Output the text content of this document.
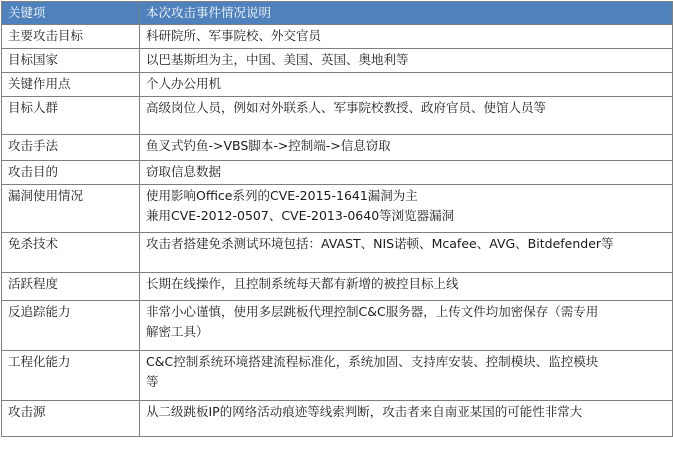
关键项	本次攻击事件情况说明
主要攻击目标	科研院所、军事院校、外交官员

目标国家	以巴基斯坦为主，中国、美国、英国、奥地利等

关键作用点	个人办公用机

目标人群	高级岗位人员，例如对外联系人、军事院校教授、政府官员、使馆人员等

攻击手法	鱼叉式钓鱼->VBS脚本->控制端->信息窃取

攻击目的	窃取信息数据

漏洞使用情况	使用影响Office系列的CVE-2015-1641漏洞为主
兼用CVE-2012-0507、CVE-2013-0640等浏览器漏洞

免杀技术	攻击者搭建免杀测试环境包括：AVAST、NIS诺顿、Mcafee、AVG、Bitdefender等

活跃程度	长期在线操作，且控制系统每天都有新增的被控目标上线

反追踪能力	非常小心谨慎，使用多层跳板代理控制C&C服务器，上传文件均加密保存（需专用
解密工具）

工程化能力	C&C控制系统环境搭建流程标准化，系统加固、支持库安装、控制模块、监控模块
等

攻击源	从二级跳板IP的网络活动痕迹等线索判断，攻击者来自南亚某国的可能性非常大
